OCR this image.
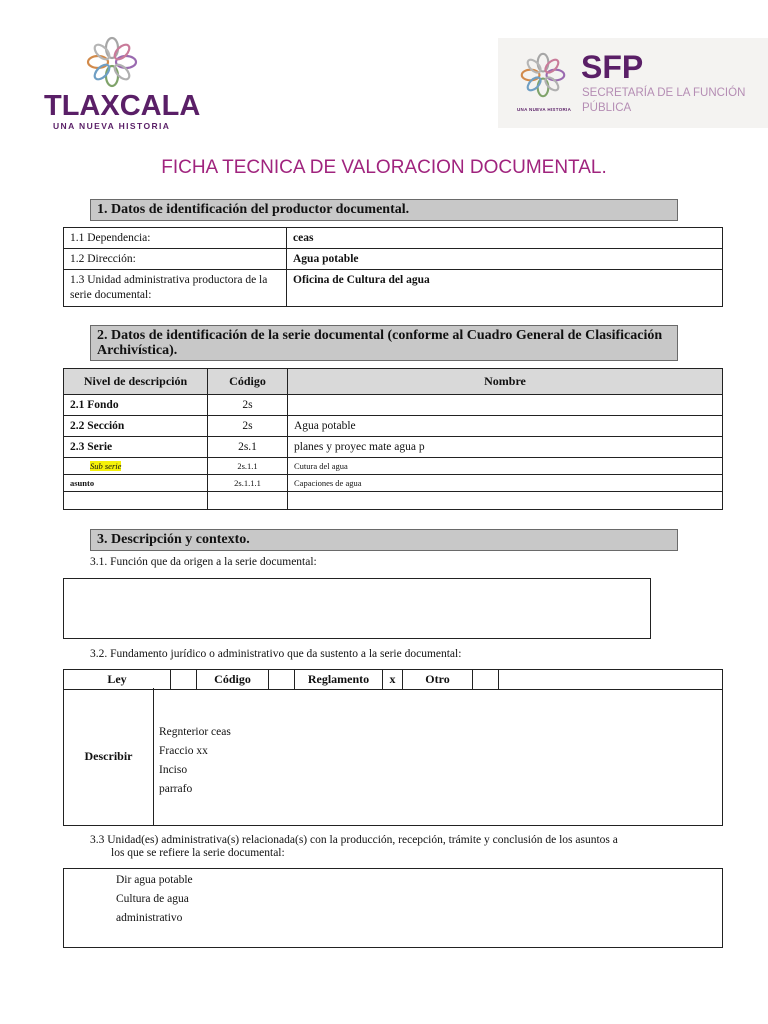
TLAXCALA
UNA NUEVA HISTORIA
UNA NUEVA HISTORIA
SFP
SECRETARÍA DE LA FUNCIÓN
PÚBLICA
FICHA TECNICA DE VALORACION DOCUMENTAL.
1. Datos de identificación del productor documental.
1.1 Dependencia:	ceas
1.2 Dirección:	Agua potable
1.3 Unidad administrativa productora de la serie documental:	Oficina de Cultura del agua
2. Datos de identificación de la serie documental (conforme al Cuadro General de Clasificación Archivística).
Nivel de descripción	Código	Nombre
2.1 Fondo	2s	
2.2 Sección	2s	Agua potable
2.3 Serie	2s.1	planes y proyec mate agua p
Sub serie	2s.1.1	Cutura del agua
asunto	2s.1.1.1	Capaciones de agua

3. Descripción y contexto.
3.1. Función que da origen a la serie documental:
3.2. Fundamento jurídico o administrativo que da sustento a la serie documental:
Ley		Código		Reglamento	x	Otro		
Describir
Regnterior ceas
Fraccio xx
Inciso
parrafo
3.3 Unidad(es) administrativa(s) relacionada(s) con la producción, recepción, trámite y conclusión de los asuntos a
los que se refiere la serie documental:
Dir agua potable
Cultura de agua
administrativo
